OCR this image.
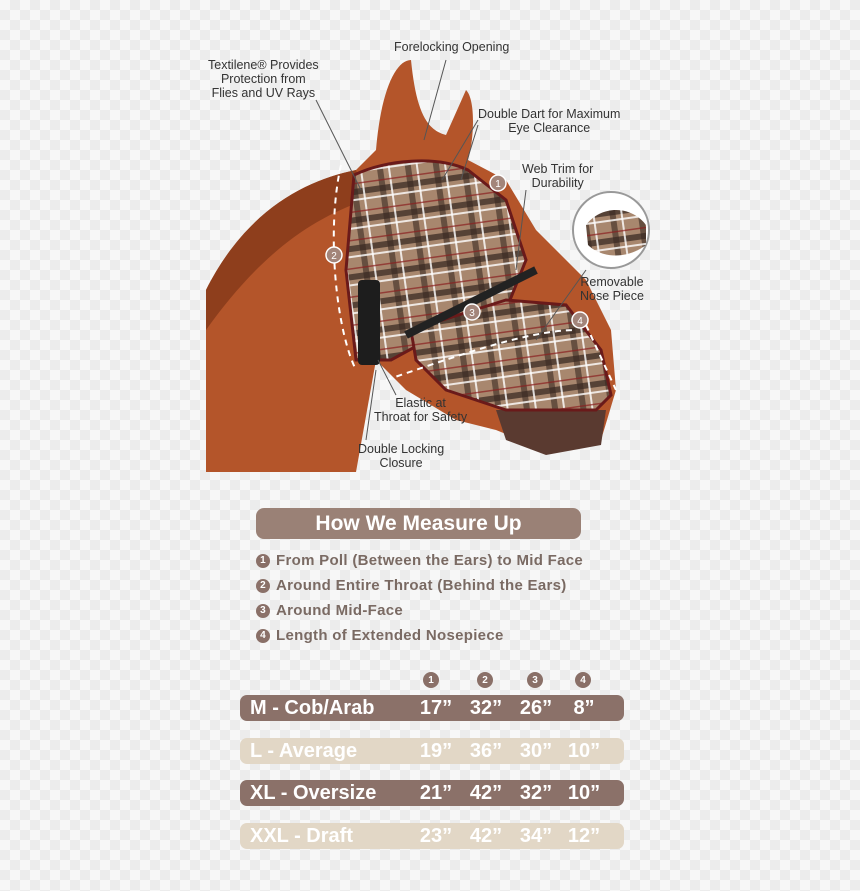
1
2
3
4
Textilene® Provides
Protection from
Flies and UV Rays
Forelocking Opening
Double Dart for Maximum
Eye Clearance
Web Trim for
Durability
Removable
Nose Piece
Elastic at
Throat for Safety
Double Locking
Closure
How We Measure Up
1 From Poll (Between the Ears) to Mid Face
2 Around Entire Throat (Behind the Ears)
3 Around Mid-Face
4 Length of Extended Nosepiece
1	2	3	4
M - Cob/Arab	17” 32” 26”	8”
L - Average	19” 36” 30” 10”
XL - Oversize	21” 42” 32” 10”
XXL - Draft	23” 42” 34” 12”
